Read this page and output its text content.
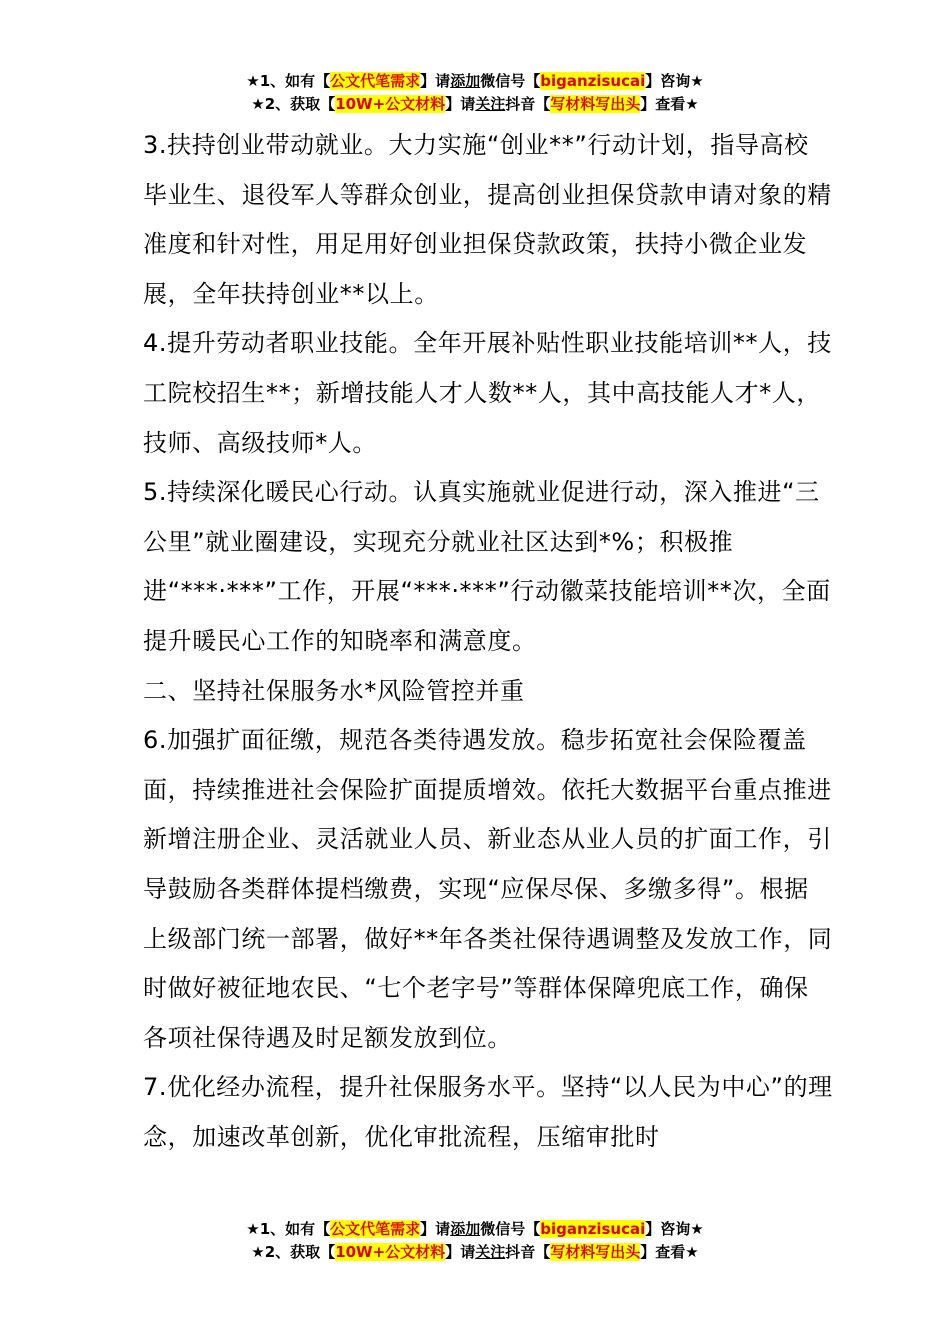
★1、如有【公文代笔需求】请添加微信号【biganzisucai】咨询★
★2、获取【10W+公文材料】请关注抖音【写材料写出头】查看★

3.扶持创业带动就业。大力实施“创业**”行动计划，指导高校毕业生、退役军人等群众创业，提高创业担保贷款申请对象的精准度和针对性，用足用好创业担保贷款政策，扶持小微企业发展，全年扶持创业**以上。

4.提升劳动者职业技能。全年开展补贴性职业技能培训**人，技工院校招生**；新增技能人才人数**人，其中高技能人才*人，技师、高级技师*人。

5.持续深化暖民心行动。认真实施就业促进行动，深入推进“三公里”就业圈建设，实现充分就业社区达到*%；积极推进“***·***”工作，开展“***·***”行动徽菜技能培训**次，全面提升暖民心工作的知晓率和满意度。

二、坚持社保服务水*风险管控并重

6.加强扩面征缴，规范各类待遇发放。稳步拓宽社会保险覆盖面，持续推进社会保险扩面提质增效。依托大数据平台重点推进新增注册企业、灵活就业人员、新业态从业人员的扩面工作，引导鼓励各类群体提档缴费，实现“应保尽保、多缴多得”。根据上级部门统一部署，做好**年各类社保待遇调整及发放工作，同时做好被征地农民、“七个老字号”等群体保障兜底工作，确保各项社保待遇及时足额发放到位。

7.优化经办流程，提升社保服务水平。坚持“以人民为中心”的理念，加速改革创新，优化审批流程，压缩审批时

★1、如有【公文代笔需求】请添加微信号【biganzisucai】咨询★
★2、获取【10W+公文材料】请关注抖音【写材料写出头】查看★
